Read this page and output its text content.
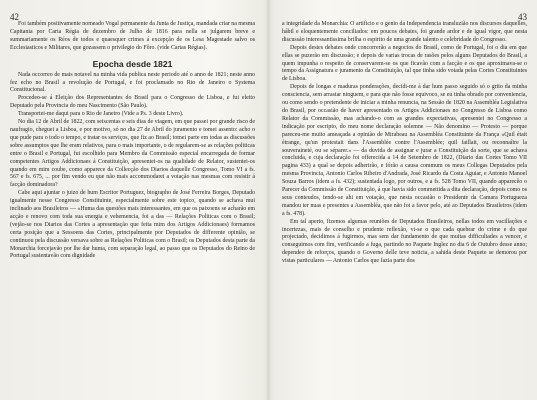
42

Foi também positivamente nomeado Vogal permanente da Junta de Justiça, mandada criar na mesma Capitania por Carta Régia de dezembro de Julho de 1816 para nella se julgarem breve e summariamente os Réos de todos e quaesquer crimes á excepção de os Lesa Magestade salvo os Ecclesiasticos e Militares, que gozassem o privilegio do Fôro. (vide Cartas Régias).

Epocha desde 1821

Nada occorreo de mais notavel na minha vida publica neste periodo até o anno de 1821; neste anno fez echo no Brasil a revolução de Portugal, e foi proclamado no Rio de Janeiro o Systema Constitucional.

Procedeo-se á Eleição dos Representantes do Brasil para o Congresso de Lisboa, e fui eleito Deputado pela Provincia do meu Nascimento (São Paulo).

Transportei-me daqui para o Rio de Janeiro (Vide a Ps. 3 deste Livro).

No dia 12 de Abril de 1822, com seiscentas e seis dias de viagem, em que passei por grande risco de naufragio, cheguei a Lisboa, e por motivo, só no dia 27 de Abril do juramento e tomei assento: acho o que pude para o todo o tempo, e tratar os serviços, que fiz ao Brasil; tomei parte em todas as discussões sobre assumptos que lhe eram relativos, para o mais importante, o de regularem-se as relações politicas entre o Brasil e Portugal, fui escolhido para Membro da Commissão especial encarregada de formar competentes Artigos Addicionaes á Constituição, apresentei-os na qualidade de Relator, sustentei-os quando em mim coube, como apparece da Collecção dos Diarios daquelle Congresso, Tomo VI a fs. 567 e fs. 675, ... por fim vendo eu que não mais accommodarei a votação nas mesmas com resistir á facção dominadora?

Cabe aqui ajuntar o juizo de hum Escritor Portuguez, biographo de José Ferreira Borges, Deputado igualmente nesse Congresso Constituinte, especialmente sobre este topico, quando se achava mui inclinado aos Brasileiros — «Huma das questões mais interessantes, em que os paixoens se acharão em acção e renovo com toda sua energia e vehemencia, foi a das — Relações Politicas com o Brasil; (vejão-se nos Diarios das Cortes a apresentação que feita mim dos Artigos Addicionaes) formamos certa posição que a Sessoens das Cortes, principalmente por Deputados de differente opinião, se continuou pela discussão versava sobre as Relações Politicas com o Brasil; os Deputados desta parte da Monarchia forcejavão por lhe dar huma, com separação legal, ao passo que os Deputados do Reino de Portugal sustentavão com dignidade

43

a integridade da Monarchia: O artificio e o genio da Independencia transluzião nos discursos daquelles, hábil e eloquentemente conciliados: em poucos debates, foi grande ardor e de igual vigor, que nesta discussão interessantissima brilha o espirito de uma grande talento e celebridade do Congresso.

Depois destes debates onde concorrerão a negocios do Brasil, como de Portugal, foi o dia em que ellas se puzerão em discussão; e depois de varias trocas de rasões pelos alguns Deputados do Brasil, a quem impunha o respeito de conservarem-se os que ficavão com a facção e os que aproximava-se o tempo da Assignatura e juramento da Constituição, tal que tinha sido votada pelas Cortes Constituintes de Lisboa.

Depois de longas e maduras ponderações, decidi-me á dar hum passo seguido só o grito da minha consciencia, sem arrastar ninguem, e para que não fosse equivoco, se eu tinha obrado por conveniencia, ou como sendo o pretendente de iniciar a minha renuncia, na Sessão de 1820 na Assembléa Legislativa do Brasil, por occasião de haver apresentado os Artigos Addicionaes no Congresso de Lisboa como Relator da Commissão, mas achando-o com as grandes expectativas, apresentei no Congresso a indicação por escripto, do meu nome declaração solemne — Não denomino — Protesto — porque pareceu-me muito ameaçada a opinião de Mirabeau na Assembléa Constituinte da França «Quil était étrange, qu'un protestait dans l'Assemblée contre l'Assemblée; quil faillait, ou reconnaître la souveraineté, ou se séparer.» — da duvida de assignar e jurar a Constituição da sorte, que se achava concluida, e cuja declaração foi offerecida a 14 de Setembro de 1822, (Diario das Cortes Tomo VII pagina 433) a qual se depois adherirão, e fórão a causa commum os meus Collegas Deputados pela mesma Provincia, Antonio Carlos Ribeiro d'Andrada, José Ricardo da Costa Aguiar, e Antonio Manoel Souza Barros (idem a fs. 432); sustentada logo, por outros, e a fs. 528 Tomo VII, quando apparecêo o Parecer da Commissão de Constituição, á que havia sido commettida a dita declaração, depois como os seus conteudos, tendo-se ahi em votação, que nesta occasião o Presidente da Camara Portugueza mandou ter nuas e presentes a Assembléa, que não foi a favor pelo, até ao Deputados Brasileiros (idem a fs. 478).

Em tal aperto, fizemos algumas reuniões de Deputados Brasileiros, nellas todos em vacillações e incertezas, mais de conselho e prudente reflexão, vi-se o que cada quebrar do crime e do que projectado, decidimos á fugirmos, mas sem dar fundamento de que muitas difficultades a vencer, e conseguimos com fim, verificando a fuga, partindo no Paquete Inglez no dia 6 de Outubro desse anno; dependeo de reforços, quando o Governo delle teve noticia, a sahida deste Paquete se demorou por vistas particulares — Antonio Carlos que fazia parte dos
